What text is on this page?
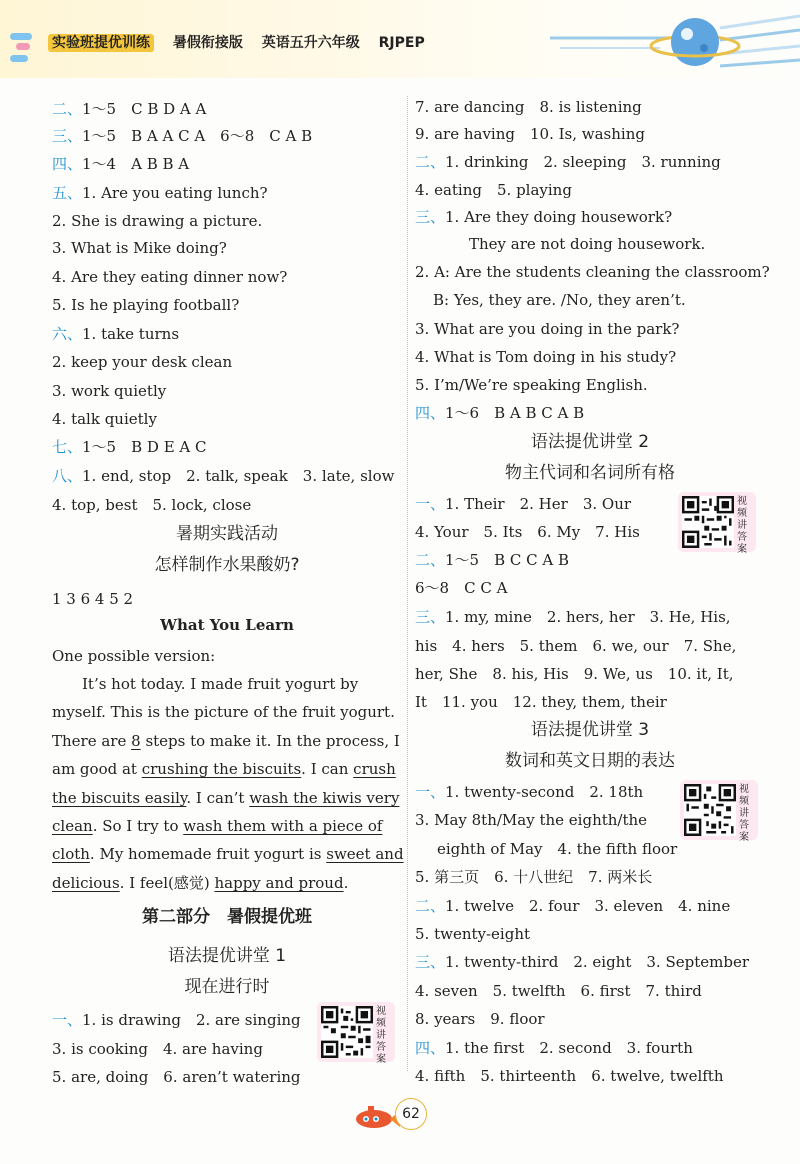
实验班提优训练 暑假衔接版 英语五升六年级 RJPEP
二、1～5　C B D A A
三、1～5　B A A C A　6～8　C A B
四、1～4　A B B A
五、1. Are you eating lunch?
2. She is drawing a picture.
3. What is Mike doing?
4. Are they eating dinner now?
5. Is he playing football?
六、1. take turns
2. keep your desk clean
3. work quietly
4. talk quietly
七、1～5　B D E A C
八、1. end, stop　2. talk, speak　3. late, slow
4. top, best　5. lock, close
暑期实践活动
怎样制作水果酸奶?
1 3 6 4 5 2
What You Learn
One possible version:
It’s hot today. I made fruit yogurt by
myself. This is the picture of the fruit yogurt.
There are 8 steps to make it. In the process, I
am good at crushing the biscuits. I can crush
the biscuits easily. I can’t wash the kiwis very
clean. So I try to wash them with a piece of
cloth. My homemade fruit yogurt is sweet and
delicious. I feel(感觉) happy and proud.
第二部分　暑假提优班
语法提优讲堂 1
现在进行时
一、1. is drawing　2. are singing
3. is cooking　4. are having
5. are, doing　6. aren’t watering
视频讲答案
7. are dancing　8. is listening
9. are having　10. Is, washing
二、1. drinking　2. sleeping　3. running
4. eating　5. playing
三、1. Are they doing housework?
They are not doing housework.
2. A: Are the students cleaning the classroom?
B: Yes, they are. /No, they aren’t.
3. What are you doing in the park?
4. What is Tom doing in his study?
5. I’m/We’re speaking English.
四、1～6　B A B C A B
语法提优讲堂 2
物主代词和名词所有格
一、1. Their　2. Her　3. Our
4. Your　5. Its　6. My　7. His
二、1～5　B C C A B
6～8　C C A
三、1. my, mine　2. hers, her　3. He, His,
his　4. hers　5. them　6. we, our　7. She,
her, She　8. his, His　9. We, us　10. it, It,
It　11. you　12. they, them, their
语法提优讲堂 3
数词和英文日期的表达
一、1. twenty-second　2. 18th
3. May 8th/May the eighth/the
eighth of May　4. the fifth floor
5. 第三页　6. 十八世纪　7. 两米长
二、1. twelve　2. four　3. eleven　4. nine
5. twenty-eight
三、1. twenty-third　2. eight　3. September
4. seven　5. twelfth　6. first　7. third
8. years　9. floor
四、1. the first　2. second　3. fourth
4. fifth　5. thirteenth　6. twelve, twelfth
视频讲答案
视频讲答案
62
